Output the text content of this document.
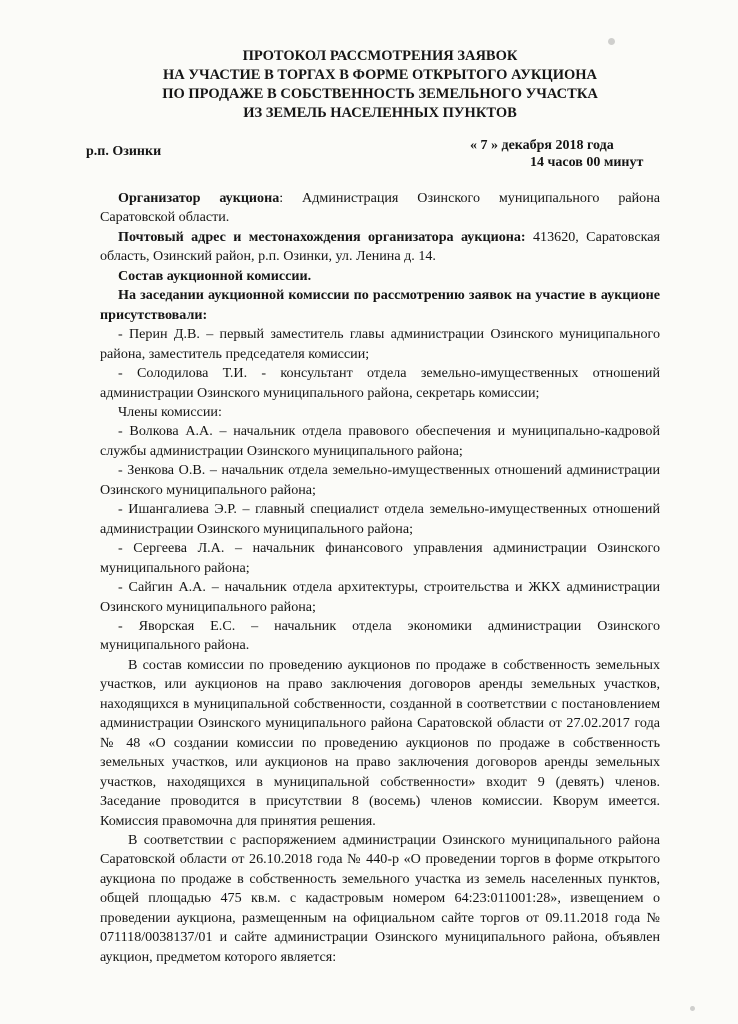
ПРОТОКОЛ РАССМОТРЕНИЯ ЗАЯВОК
НА УЧАСТИЕ В ТОРГАХ В ФОРМЕ ОТКРЫТОГО АУКЦИОНА
ПО ПРОДАЖЕ В СОБСТВЕННОСТЬ ЗЕМЕЛЬНОГО УЧАСТКА
ИЗ ЗЕМЕЛЬ НАСЕЛЕННЫХ ПУНКТОВ
р.п. Озинки	« 7 » декабря 2018 года
14 часов 00 минут

Организатор аукциона: Администрация Озинского муниципального района Саратовской области.

Почтовый адрес и местонахождения организатора аукциона: 413620, Саратовская область, Озинский район, р.п. Озинки, ул. Ленина д. 14.

Состав аукционной комиссии.

На заседании аукционной комиссии по рассмотрению заявок на участие в аукционе присутствовали:

- Перин Д.В. – первый заместитель главы администрации Озинского муниципального района, заместитель председателя комиссии;

- Солодилова Т.И. - консультант отдела земельно-имущественных отношений администрации Озинского муниципального района, секретарь комиссии;

Члены комиссии:

- Волкова А.А. – начальник отдела правового обеспечения и муниципально-кадровой службы администрации Озинского муниципального района;

- Зенкова О.В. – начальник отдела земельно-имущественных отношений администрации Озинского муниципального района;

- Ишангалиева Э.Р. – главный специалист отдела земельно-имущественных отношений администрации Озинского муниципального района;

- Сергеева Л.А. – начальник финансового управления администрации Озинского муниципального района;

- Сайгин А.А. – начальник отдела архитектуры, строительства и ЖКХ администрации Озинского муниципального района;

- Яворская Е.С. – начальник отдела экономики администрации Озинского муниципального района.

В состав комиссии по проведению аукционов по продаже в собственность земельных участков, или аукционов на право заключения договоров аренды земельных участков, находящихся в муниципальной собственности, созданной в соответствии с постановлением администрации Озинского муниципального района Саратовской области от 27.02.2017 года № 48 «О создании комиссии по проведению аукционов по продаже в собственность земельных участков, или аукционов на право заключения договоров аренды земельных участков, находящихся в муниципальной собственности» входит 9 (девять) членов. Заседание проводится в присутствии 8 (восемь) членов комиссии. Кворум имеется. Комиссия правомочна для принятия решения.

В соответствии с распоряжением администрации Озинского муниципального района Саратовской области от 26.10.2018 года № 440-р «О проведении торгов в форме открытого аукциона по продаже в собственность земельного участка из земель населенных пунктов, общей площадью 475 кв.м. с кадастровым номером 64:23:011001:28», извещением о проведении аукциона, размещенным на официальном сайте торгов от 09.11.2018 года № 071118/0038137/01 и сайте администрации Озинского муниципального района, объявлен аукцион, предметом которого является:
